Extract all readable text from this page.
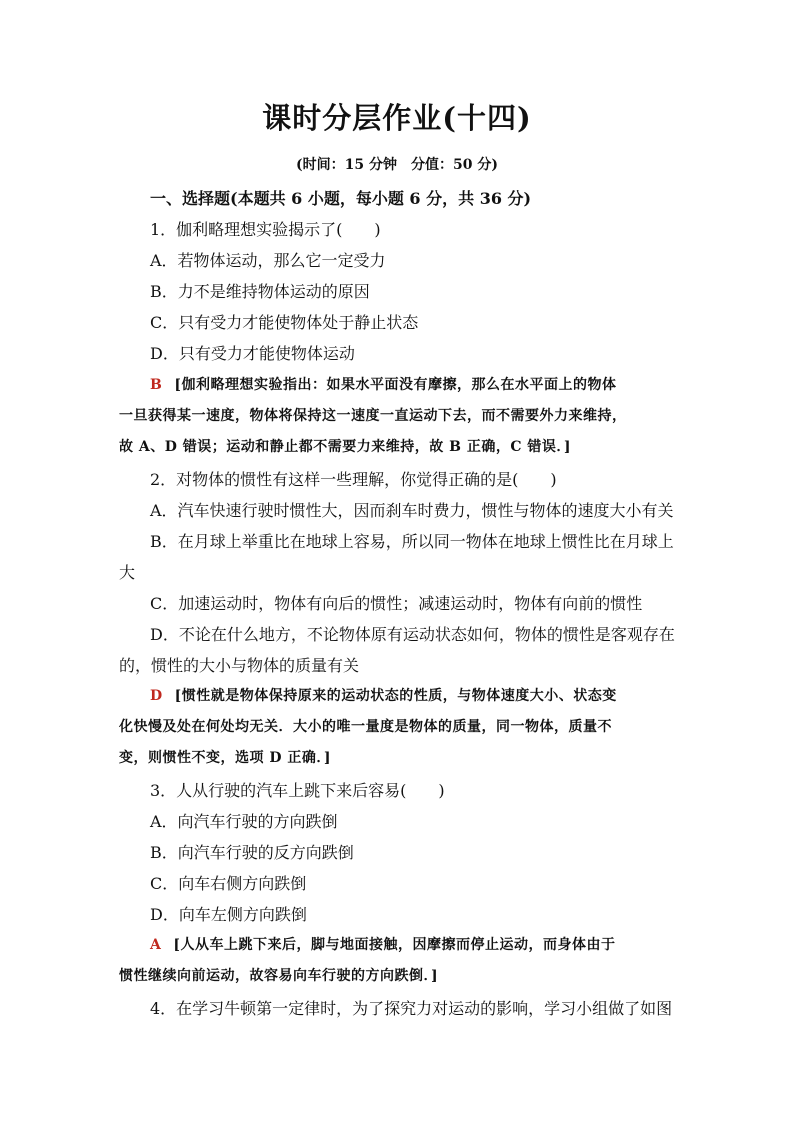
课时分层作业(十四)
(时间：15 分钟　分值：50 分)
一、选择题(本题共 6 小题，每小题 6 分，共 36 分)
1．伽利略理想实验揭示了(　　)
A．若物体运动，那么它一定受力
B．力不是维持物体运动的原因
C．只有受力才能使物体处于静止状态
D．只有受力才能使物体运动
B [伽利略理想实验指出：如果水平面没有摩擦，那么在水平面上的物体
一旦获得某一速度，物体将保持这一速度一直运动下去，而不需要外力来维持，
故 A、D 错误；运动和静止都不需要力来维持，故 B 正确，C 错误．]
2．对物体的惯性有这样一些理解，你觉得正确的是(　　)
A．汽车快速行驶时惯性大，因而刹车时费力，惯性与物体的速度大小有关
B．在月球上举重比在地球上容易，所以同一物体在地球上惯性比在月球上
大
C．加速运动时，物体有向后的惯性；减速运动时，物体有向前的惯性
D．不论在什么地方，不论物体原有运动状态如何，物体的惯性是客观存在
的，惯性的大小与物体的质量有关
D [惯性就是物体保持原来的运动状态的性质，与物体速度大小、状态变
化快慢及处在何处均无关．大小的唯一量度是物体的质量，同一物体，质量不
变，则惯性不变，选项 D 正确．]
3．人从行驶的汽车上跳下来后容易(　　)
A．向汽车行驶的方向跌倒
B．向汽车行驶的反方向跌倒
C．向车右侧方向跌倒
D．向车左侧方向跌倒
A [人从车上跳下来后，脚与地面接触，因摩擦而停止运动，而身体由于
惯性继续向前运动，故容易向车行驶的方向跌倒．]
4．在学习牛顿第一定律时，为了探究力对运动的影响，学习小组做了如图
